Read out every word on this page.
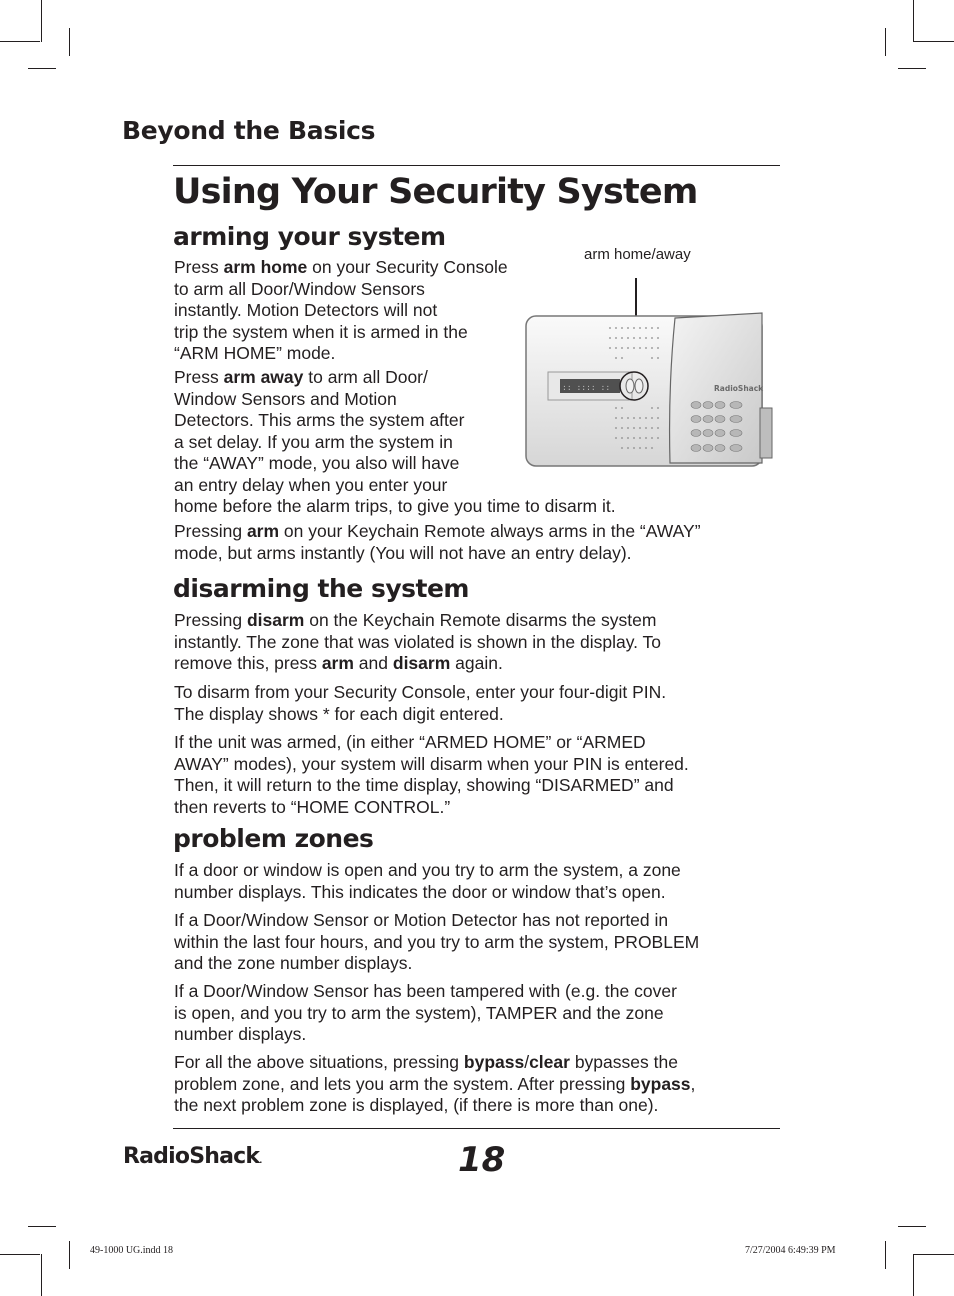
Beyond the Basics
Using Your Security System
arming your system

Press arm home on your Security Console
to arm all Door/Window Sensors
instantly. Motion Detectors will not
trip the system when it is armed in the
“ARM HOME” mode.

Press arm away to arm all Door/
Window Sensors and Motion
Detectors. This arms the system after
a set delay. If you arm the system in
the “AWAY” mode, you also will have
an entry delay when you enter your
home before the alarm trips, to give you time to disarm it.

Pressing arm on your Keychain Remote always arms in the “AWAY”
mode, but arms instantly (You will not have an entry delay).

arm home/away

:: :::: ::	RadioShack
disarming the system

Pressing disarm on the Keychain Remote disarms the system
instantly. The zone that was violated is shown in the display. To
remove this, press arm and disarm again.

To disarm from your Security Console, enter your four-digit PIN.
The display shows * for each digit entered.

If the unit was armed, (in either “ARMED HOME” or “ARMED
AWAY” modes), your system will disarm when your PIN is entered.
Then, it will return to the time display, showing “DISARMED” and
then reverts to “HOME CONTROL.”

problem zones

If a door or window is open and you try to arm the system, a zone
number displays. This indicates the door or window that’s open.

If a Door/Window Sensor or Motion Detector has not reported in
within the last four hours, and you try to arm the system, PROBLEM
and the zone number displays.

If a Door/Window Sensor has been tampered with (e.g. the cover
is open, and you try to arm the system), TAMPER and the zone
number displays.

For all the above situations, pressing bypass/clear bypasses the
problem zone, and lets you arm the system. After pressing bypass,
the next problem zone is displayed, (if there is more than one).

RadioShack.	18

49-1000 UG.indd 18	7/27/2004 6:49:39 PM
